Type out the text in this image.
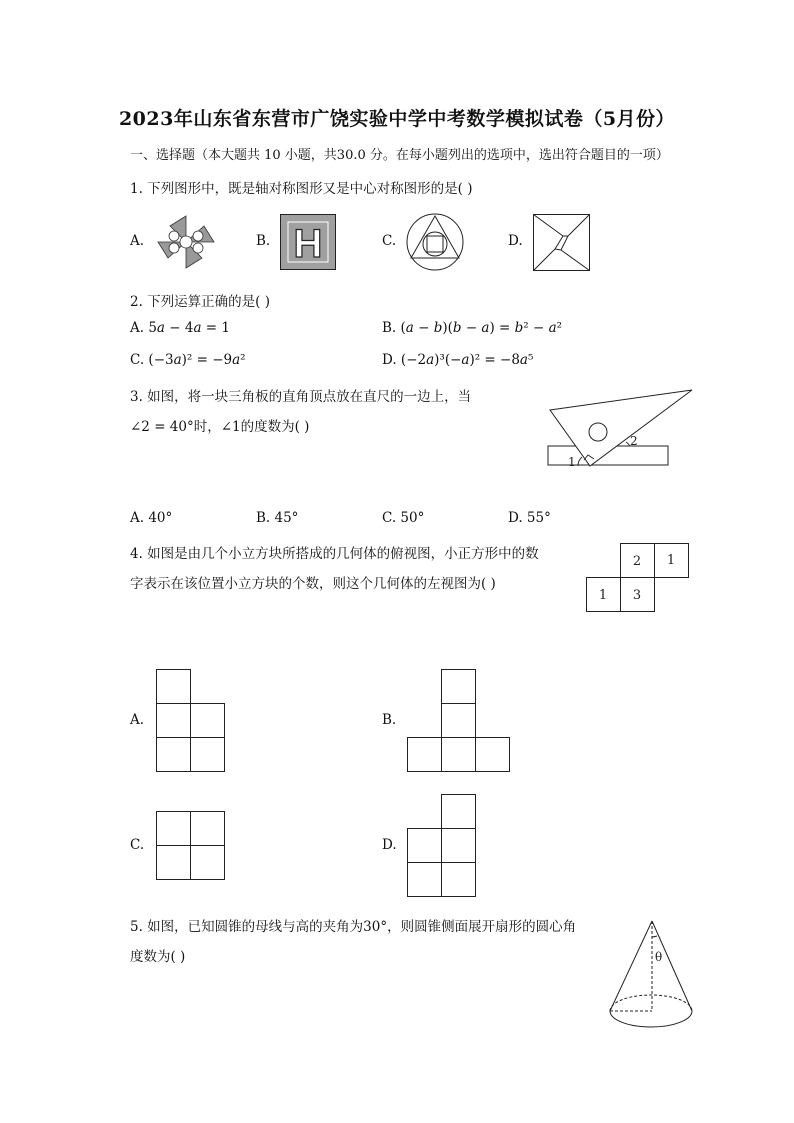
2023年山东省东营市广饶实验中学中考数学模拟试卷（5月份）
一、选择题（本大题共 10 小题，共30.0 分。在每小题列出的选项中，选出符合题目的一项）
1. 下列图形中，既是轴对称图形又是中心对称图形的是( )
A.	B.	C.	D.
H
2. 下列运算正确的是( )
A. 5𝑎 − 4𝑎 = 1	B. (𝑎 − 𝑏)(𝑏 − 𝑎) = 𝑏² − 𝑎²
C. (−3𝑎)² = −9𝑎²	D. (−2𝑎)³(−𝑎)² = −8𝑎⁵
3. 如图，将一块三角板的直角顶点放在直尺的一边上，当
∠2 = 40°时，∠1的度数为( )
1
2
A. 40°	B. 45°	C. 50°	D. 55°
4. 如图是由几个小立方块所搭成的几何体的俯视图，小正方形中的数
字表示在该位置小立方块的个数，则这个几何体的左视图为( )
2 1
1 3
A.	B.
C.	D.
5. 如图，已知圆锥的母线与高的夹角为30°，则圆锥侧面展开扇形的圆心角
度数为( )	θ
